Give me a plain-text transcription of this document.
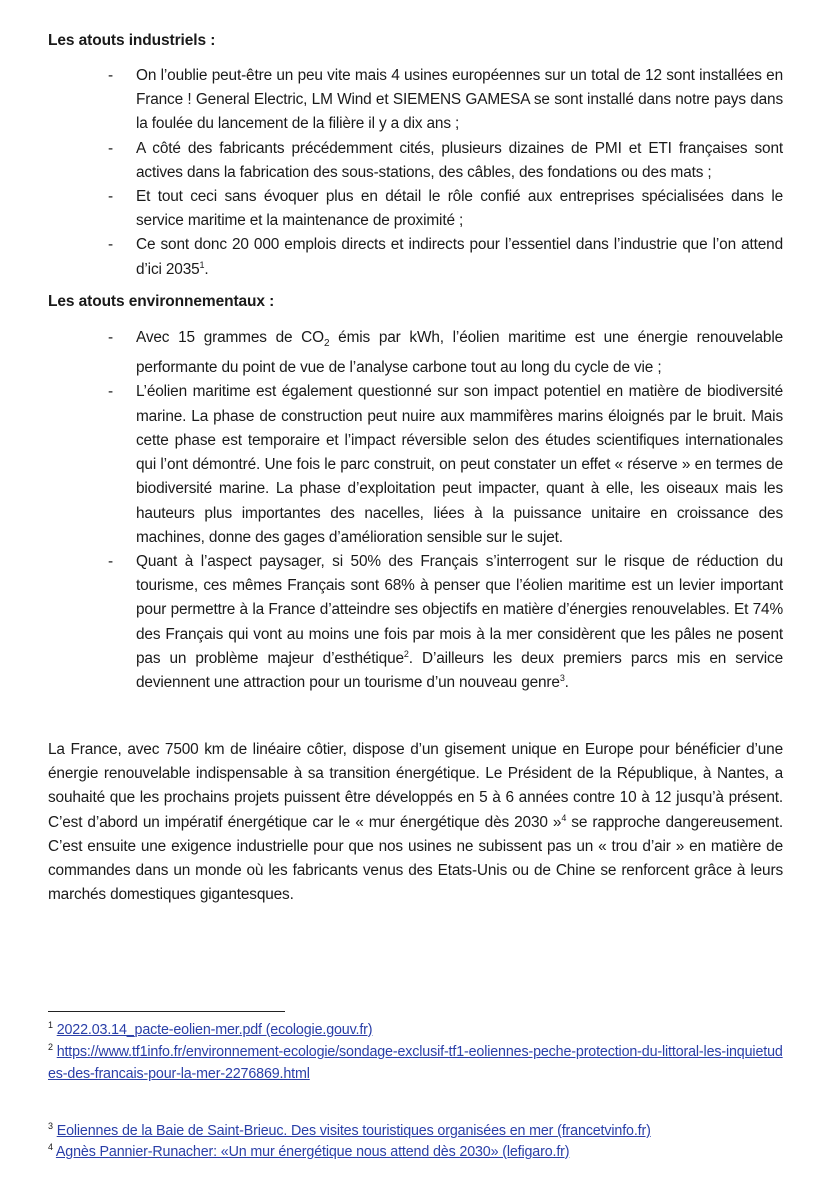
Les atouts industriels :
- On l’oublie peut-être un peu vite mais 4 usines européennes sur un total de 12 sont installées en France ! General Electric, LM Wind et SIEMENS GAMESA se sont installé dans notre pays dans la foulée du lancement de la filière il y a dix ans ;
- A côté des fabricants précédemment cités, plusieurs dizaines de PMI et ETI françaises sont actives dans la fabrication des sous-stations, des câbles, des fondations ou des mats ;
- Et tout ceci sans évoquer plus en détail le rôle confié aux entreprises spécialisées dans le service maritime et la maintenance de proximité ;
- Ce sont donc 20 000 emplois directs et indirects pour l’essentiel dans l’industrie que l’on attend d’ici 2035$^1$.
Les atouts environnementaux :
- Avec 15 grammes de $CO_2$ émis par kWh, l’éolien maritime est une énergie renouvelable performante du point de vue de l’analyse carbone tout au long du cycle de vie ;
- L’éolien maritime est également questionné sur son impact potentiel en matière de biodiversité marine. La phase de construction peut nuire aux mammifères marins éloignés par le bruit. Mais cette phase est temporaire et l’impact réversible selon des études scientifiques internationales qui l’ont démontré. Une fois le parc construit, on peut constater un effet « réserve » en termes de biodiversité marine. La phase d’exploitation peut impacter, quant à elle, les oiseaux mais les hauteurs plus importantes des nacelles, liées à la puissance unitaire en croissance des machines, donne des gages d’amélioration sensible sur le sujet.
- Quant à l’aspect paysager, si 50% des Français s’interrogent sur le risque de réduction du tourisme, ces mêmes Français sont 68% à penser que l’éolien maritime est un levier important pour permettre à la France d’atteindre ses objectifs en matière d’énergies renouvelables. Et 74% des Français qui vont au moins une fois par mois à la mer considèrent que les pâles ne posent pas un problème majeur d’esthétique$^2$. D’ailleurs les deux premiers parcs mis en service deviennent une attraction pour un tourisme d’un nouveau genre$^3$.
La France, avec 7500 km de linéaire côtier, dispose d’un gisement unique en Europe pour bénéficier d’une énergie renouvelable indispensable à sa transition énergétique. Le Président de la République, à Nantes, a souhaité que les prochains projets puissent être développés en 5 à 6 années contre 10 à 12 jusqu’à présent. C’est d’abord un impératif énergétique car le « mur énergétique dès 2030 »$^4$ se rapproche dangereusement. C’est ensuite une exigence industrielle pour que nos usines ne subissent pas un « trou d’air » en matière de commandes dans un monde où les fabricants venus des Etats-Unis ou de Chine se renforcent grâce à leurs marchés domestiques gigantesques.
$^1$ 2022.03.14_pacte-eolien-mer.pdf (ecologie.gouv.fr)
$^2$ https://www.tf1info.fr/environnement-ecologie/sondage-exclusif-tf1-eoliennes-peche-protection-du-littoral-les-inquietudes-des-francais-pour-la-mer-2276869.html
$^3$ Eoliennes de la Baie de Saint-Brieuc. Des visites touristiques organisées en mer (francetvinfo.fr)
$^4$ Agnès Pannier-Runacher: «Un mur énergétique nous attend dès 2030» (lefigaro.fr)
